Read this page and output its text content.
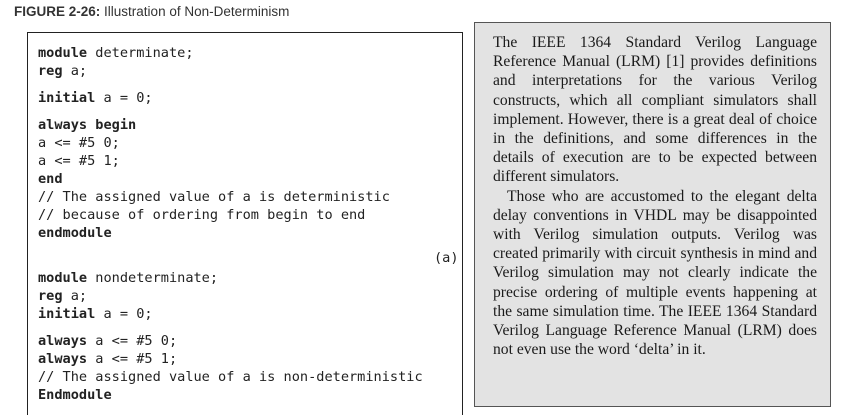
FIGURE 2-26: Illustration of Non-Determinism
module determinate;
reg a;
initial a = 0;
always begin
a <= #5 0;
a <= #5 1;
end
// The assigned value of a is deterministic
// because of ordering from begin to end
endmodule
module nondeterminate;
reg a;
initial a = 0;
always a <= #5 0;
always a <= #5 1;
// The assigned value of a is non-deterministic
Endmodule
(a)

The IEEE 1364 Standard Verilog Language Reference Manual (LRM) [1] provides definitions and interpretations for the various Verilog constructs, which all compliant simulators shall implement. However, there is a great deal of choice in the definitions, and some differences in the details of execution are to be expected between different simulators.

Those who are accustomed to the elegant delta delay conventions in VHDL may be disappointed with Verilog simulation outputs. Verilog was created primarily with circuit synthesis in mind and Verilog simulation may not clearly indicate the precise ordering of multiple events happening at the same simulation time. The IEEE 1364 Standard Verilog Language Reference Manual (LRM) does not even use the word ‘delta’ in it.
